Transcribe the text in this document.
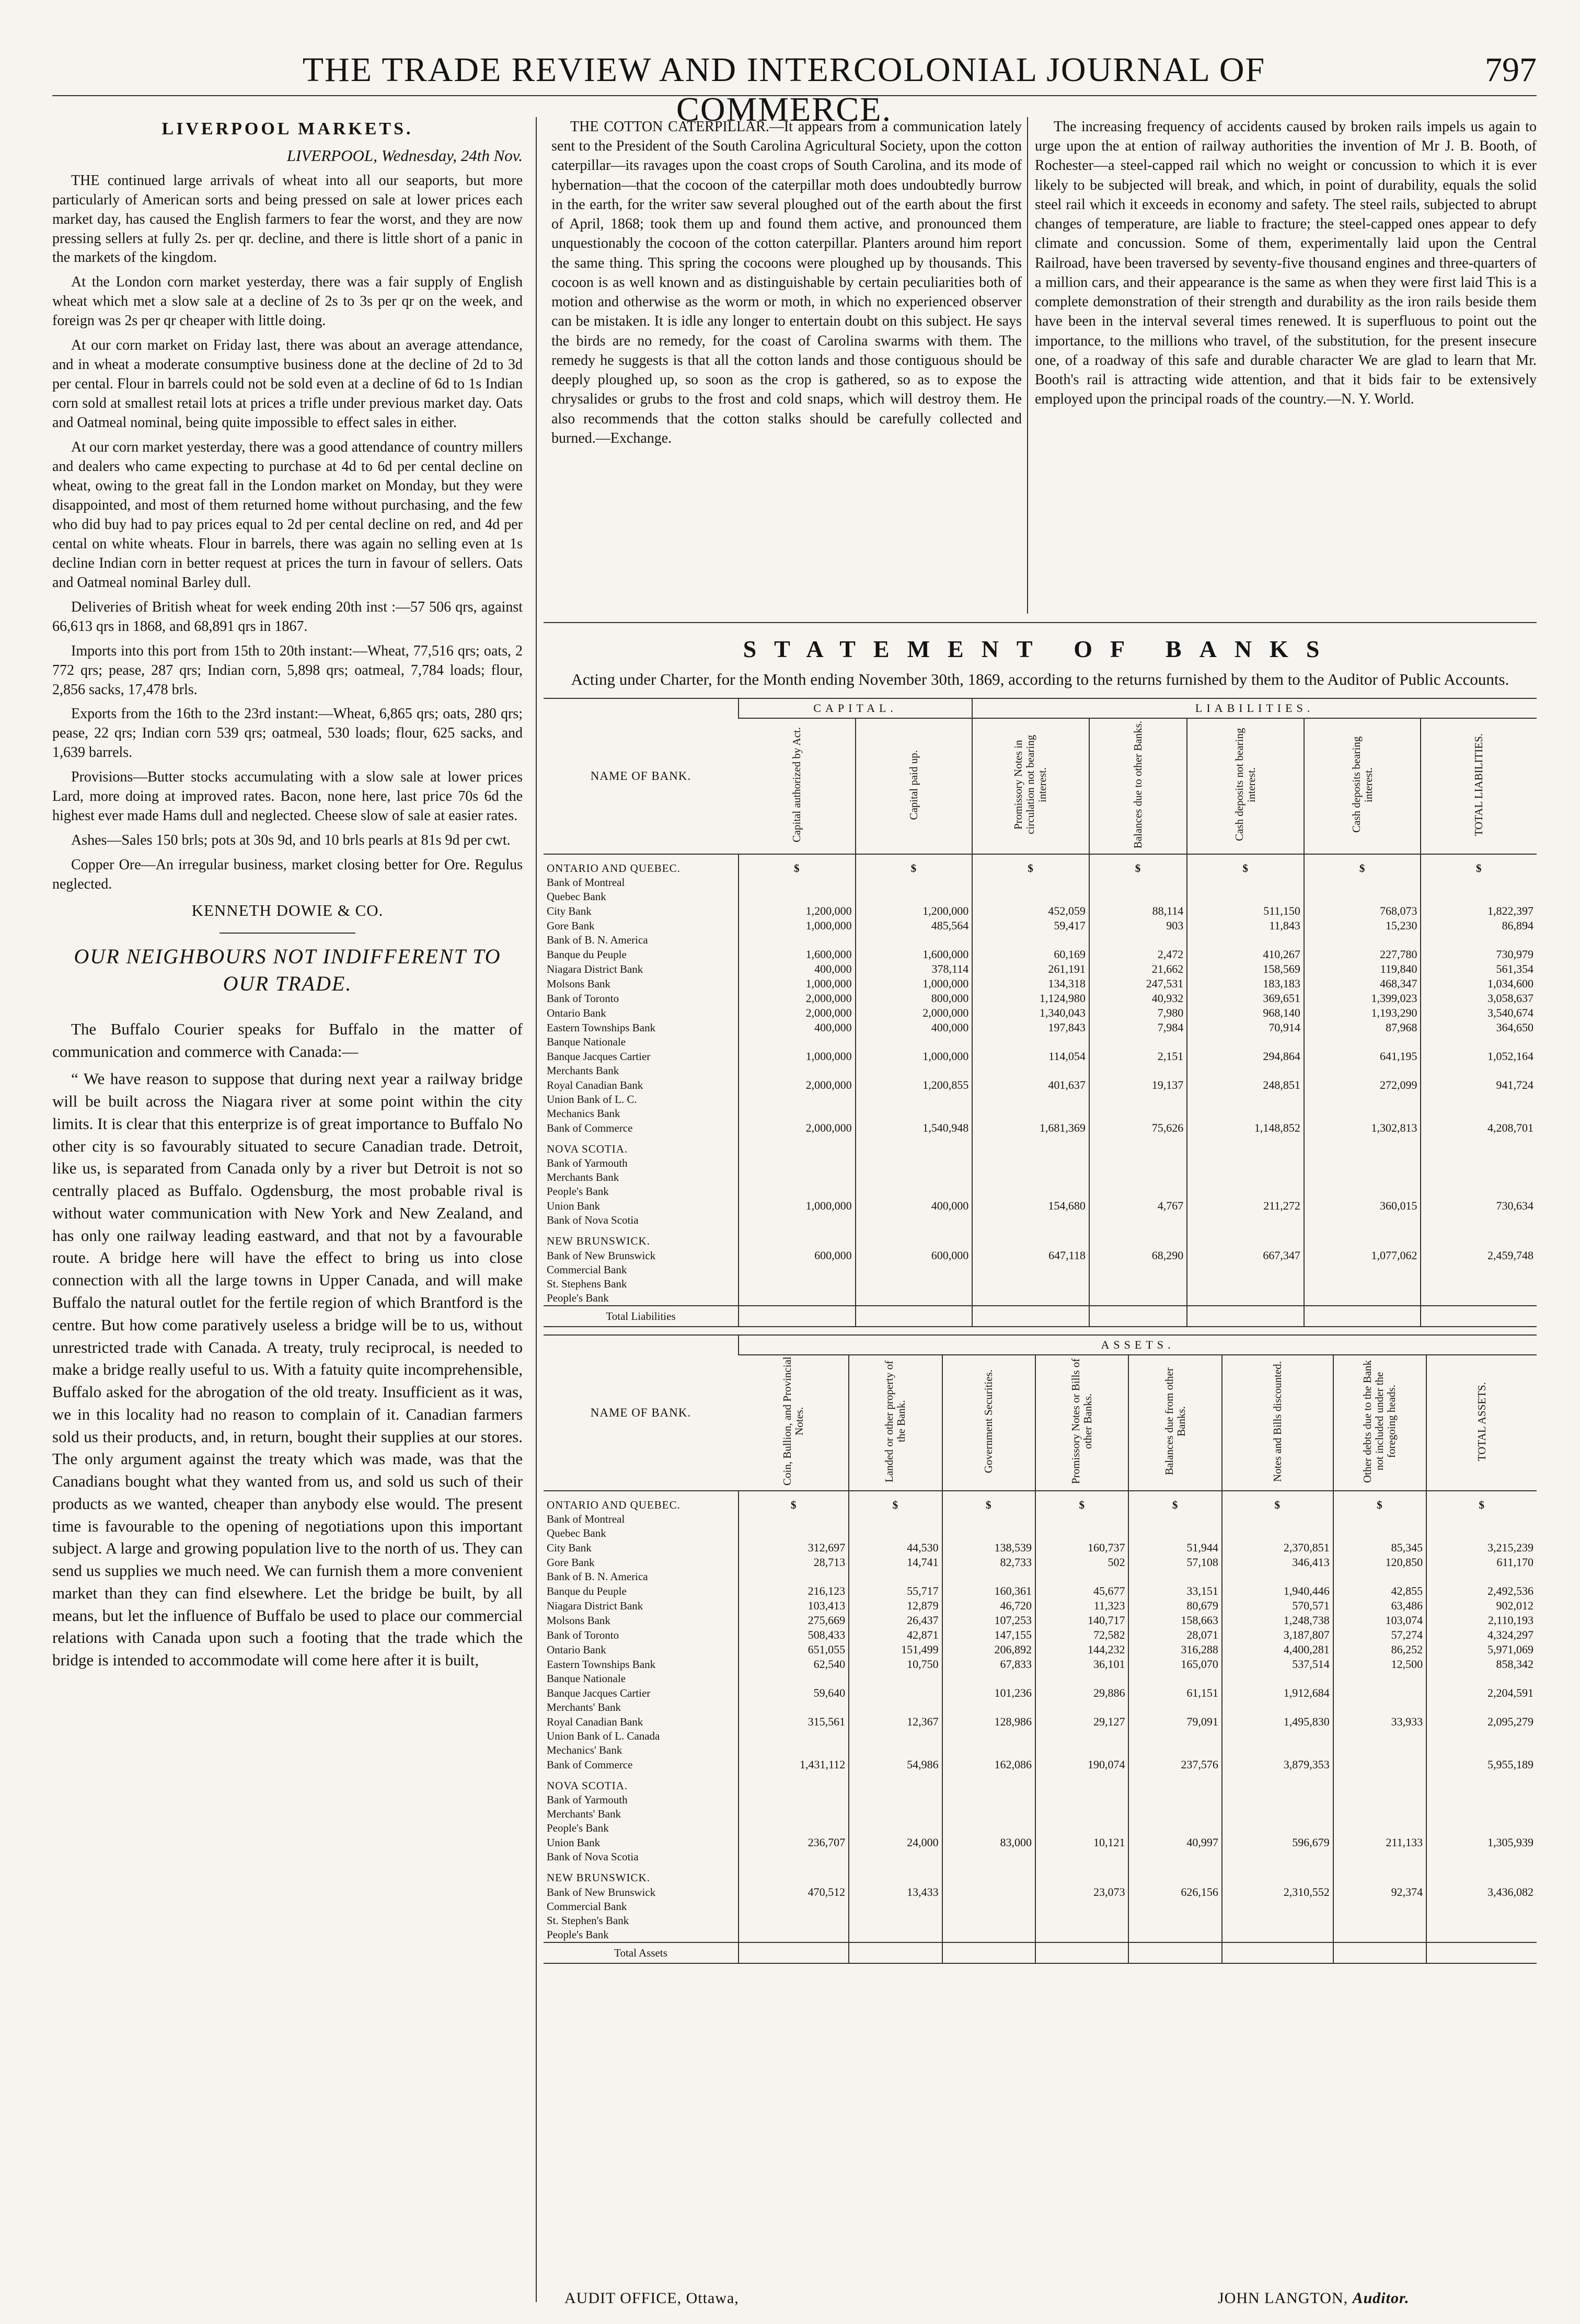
THE TRADE REVIEW AND INTERCOLONIAL JOURNAL OF COMMERCE.
797
LIVERPOOL MARKETS.
LIVERPOOL, Wednesday, 24th Nov.

THE continued large arrivals of wheat into all our seaports, but more particularly of American sorts and being pressed on sale at lower prices each market day, has caused the English farmers to fear the worst, and they are now pressing sellers at fully 2s. per qr. decline, and there is little short of a panic in the markets of the kingdom.

At the London corn market yesterday, there was a fair supply of English wheat which met a slow sale at a decline of 2s to 3s per qr on the week, and foreign was 2s per qr cheaper with little doing.

At our corn market on Friday last, there was about an average attendance, and in wheat a moderate consumptive business done at the decline of 2d to 3d per cental. Flour in barrels could not be sold even at a decline of 6d to 1s Indian corn sold at smallest retail lots at prices a trifle under previous market day. Oats and Oatmeal nominal, being quite impossible to effect sales in either.

At our corn market yesterday, there was a good attendance of country millers and dealers who came expecting to purchase at 4d to 6d per cental decline on wheat, owing to the great fall in the London market on Monday, but they were disappointed, and most of them returned home without purchasing, and the few who did buy had to pay prices equal to 2d per cental decline on red, and 4d per cental on white wheats. Flour in barrels, there was again no selling even at 1s decline Indian corn in better request at prices the turn in favour of sellers. Oats and Oatmeal nominal Barley dull.

Deliveries of British wheat for week ending 20th inst :—57 506 qrs, against 66,613 qrs in 1868, and 68,891 qrs in 1867.

Imports into this port from 15th to 20th instant:—Wheat, 77,516 qrs; oats, 2 772 qrs; pease, 287 qrs; Indian corn, 5,898 qrs; oatmeal, 7,784 loads; flour, 2,856 sacks, 17,478 brls.

Exports from the 16th to the 23rd instant:—Wheat, 6,865 qrs; oats, 280 qrs; pease, 22 qrs; Indian corn 539 qrs; oatmeal, 530 loads; flour, 625 sacks, and 1,639 barrels.

Provisions—Butter stocks accumulating with a slow sale at lower prices Lard, more doing at improved rates. Bacon, none here, last price 70s 6d the highest ever made Hams dull and neglected. Cheese slow of sale at easier rates.

Ashes—Sales 150 brls; pots at 30s 9d, and 10 brls pearls at 81s 9d per cwt.

Copper Ore—An irregular business, market closing better for Ore. Regulus neglected.

KENNETH DOWIE & CO.

OUR NEIGHBOURS NOT INDIFFERENT TO OUR TRADE.

The Buffalo Courier speaks for Buffalo in the matter of communication and commerce with Canada:—

“ We have reason to suppose that during next year a railway bridge will be built across the Niagara river at some point within the city limits. It is clear that this enterprize is of great importance to Buffalo No other city is so favourably situated to secure Canadian trade. Detroit, like us, is separated from Canada only by a river but Detroit is not so centrally placed as Buffalo. Ogdensburg, the most probable rival is without water communication with New York and New Zealand, and has only one railway leading eastward, and that not by a favourable route. A bridge here will have the effect to bring us into close connection with all the large towns in Upper Canada, and will make Buffalo the natural outlet for the fertile region of which Brantford is the centre. But how come paratively useless a bridge will be to us, without unrestricted trade with Canada. A treaty, truly reciprocal, is needed to make a bridge really useful to us. With a fatuity quite incomprehensible, Buffalo asked for the abrogation of the old treaty. Insufficient as it was, we in this locality had no reason to complain of it. Canadian farmers sold us their products, and, in return, bought their supplies at our stores. The only argument against the treaty which was made, was that the Canadians bought what they wanted from us, and sold us such of their products as we wanted, cheaper than anybody else would. The present time is favourable to the opening of negotiations upon this important subject. A large and growing population live to the north of us. They can send us supplies we much need. We can furnish them a more convenient market than they can find elsewhere. Let the bridge be built, by all means, but let the influence of Buffalo be used to place our commercial relations with Canada upon such a footing that the trade which the bridge is intended to accommodate will come here after it is built,

THE COTTON CATERPILLAR.—It appears from a communication lately sent to the President of the South Carolina Agricultural Society, upon the cotton caterpillar—its ravages upon the coast crops of South Carolina, and its mode of hybernation—that the cocoon of the caterpillar moth does undoubtedly burrow in the earth, for the writer saw several ploughed out of the earth about the first of April, 1868; took them up and found them active, and pronounced them unquestionably the cocoon of the cotton caterpillar. Planters around him report the same thing. This spring the cocoons were ploughed up by thousands. This cocoon is as well known and as distinguishable by certain peculiarities both of motion and otherwise as the worm or moth, in which no experienced observer can be mistaken. It is idle any longer to entertain doubt on this subject. He says the birds are no remedy, for the coast of Carolina swarms with them. The remedy he suggests is that all the cotton lands and those contiguous should be deeply ploughed up, so soon as the crop is gathered, so as to expose the chrysalides or grubs to the frost and cold snaps, which will destroy them. He also recommends that the cotton stalks should be carefully collected and burned.—Exchange.

The increasing frequency of accidents caused by broken rails impels us again to urge upon the at ention of railway authorities the invention of Mr J. B. Booth, of Rochester—a steel-capped rail which no weight or concussion to which it is ever likely to be subjected will break, and which, in point of durability, equals the solid steel rail which it exceeds in economy and safety. The steel rails, subjected to abrupt changes of temperature, are liable to fracture; the steel-capped ones appear to defy climate and concussion. Some of them, experimentally laid upon the Central Railroad, have been traversed by seventy-five thousand engines and three-quarters of a million cars, and their appearance is the same as when they were first laid This is a complete demonstration of their strength and durability as the iron rails beside them have been in the interval several times renewed. It is superfluous to point out the importance, to the millions who travel, of the substitution, for the present insecure one, of a roadway of this safe and durable character We are glad to learn that Mr. Booth's rail is attracting wide attention, and that it bids fair to be extensively employed upon the principal roads of the country.—N. Y. World.

STATEMENT OF BANKS
Acting under Charter, for the Month ending November 30th, 1869, according to the returns furnished by them to the Auditor of Public Accounts.
NAME OF BANK.	CAPITAL.		LIABILITIES.				
	Capital authorized by Act.	Capital paid up.	Promissory Notes in circulation not bearing interest.	Balances due to other Banks.	Cash deposits not bearing interest.	Cash deposits bearing interest.	TOTAL LIABILITIES.
ONTARIO AND QUEBEC.	$	$	$	$	$	$	$
Bank of Montreal							
Quebec Bank							
City Bank	1,200,000	1,200,000	452,059	88,114	511,150	768,073	1,822,397
Gore Bank	1,000,000	485,564	59,417	903	11,843	15,230	86,894
Bank of B. N. America							
Banque du Peuple	1,600,000	1,600,000	60,169	2,472	410,267	227,780	730,979
Niagara District Bank	400,000	378,114	261,191	21,662	158,569	119,840	561,354
Molsons Bank	1,000,000	1,000,000	134,318	247,531	183,183	468,347	1,034,600
Bank of Toronto	2,000,000	800,000	1,124,980	40,932	369,651	1,399,023	3,058,637
Ontario Bank	2,000,000	2,000,000	1,340,043	7,980	968,140	1,193,290	3,540,674
Eastern Townships Bank	400,000	400,000	197,843	7,984	70,914	87,968	364,650
Banque Nationale							
Banque Jacques Cartier	1,000,000	1,000,000	114,054	2,151	294,864	641,195	1,052,164
Merchants Bank							
Royal Canadian Bank	2,000,000	1,200,855	401,637	19,137	248,851	272,099	941,724
Union Bank of L. C.							
Mechanics Bank							
Bank of Commerce	2,000,000	1,540,948	1,681,369	75,626	1,148,852	1,302,813	4,208,701
NOVA SCOTIA.							
Bank of Yarmouth							
Merchants Bank							
People's Bank							
Union Bank	1,000,000	400,000	154,680	4,767	211,272	360,015	730,634
Bank of Nova Scotia							
NEW BRUNSWICK.							
Bank of New Brunswick	600,000	600,000	647,118	68,290	667,347	1,077,062	2,459,748
Commercial Bank							
St. Stephens Bank							
People's Bank							
Total Liabilities							
NAME OF BANK.	ASSETS.							
	Coin, Bullion, and Provincial Notes.	Landed or other property of the Bank.	Government Securities.	Promissory Notes or Bills of other Banks.	Balances due from other Banks.	Notes and Bills discounted.	Other debts due to the Bank not included under the foregoing heads.	TOTAL ASSETS.
ONTARIO AND QUEBEC.	$	$	$	$	$	$	$	$
Bank of Montreal								
Quebec Bank								
City Bank	312,697	44,530	138,539	160,737	51,944	2,370,851	85,345	3,215,239
Gore Bank	28,713	14,741	82,733	502	57,108	346,413	120,850	611,170
Bank of B. N. America								
Banque du Peuple	216,123	55,717	160,361	45,677	33,151	1,940,446	42,855	2,492,536
Niagara District Bank	103,413	12,879	46,720	11,323	80,679	570,571	63,486	902,012
Molsons Bank	275,669	26,437	107,253	140,717	158,663	1,248,738	103,074	2,110,193
Bank of Toronto	508,433	42,871	147,155	72,582	28,071	3,187,807	57,274	4,324,297
Ontario Bank	651,055	151,499	206,892	144,232	316,288	4,400,281	86,252	5,971,069
Eastern Townships Bank	62,540	10,750	67,833	36,101	165,070	537,514	12,500	858,342
Banque Nationale								
Banque Jacques Cartier	59,640		101,236	29,886	61,151	1,912,684		2,204,591
Merchants' Bank								
Royal Canadian Bank	315,561	12,367	128,986	29,127	79,091	1,495,830	33,933	2,095,279
Union Bank of L. Canada								
Mechanics' Bank								
Bank of Commerce	1,431,112	54,986	162,086	190,074	237,576	3,879,353		5,955,189
NOVA SCOTIA.								
Bank of Yarmouth								
Merchants' Bank								
People's Bank								
Union Bank	236,707	24,000	83,000	10,121	40,997	596,679	211,133	1,305,939
Bank of Nova Scotia								
NEW BRUNSWICK.								
Bank of New Brunswick	470,512	13,433		23,073	626,156	2,310,552	92,374	3,436,082
Commercial Bank								
St. Stephen's Bank								
People's Bank								
Total Assets								
AUDIT OFFICE, Ottawa,	JOHN LANGTON, Auditor.
